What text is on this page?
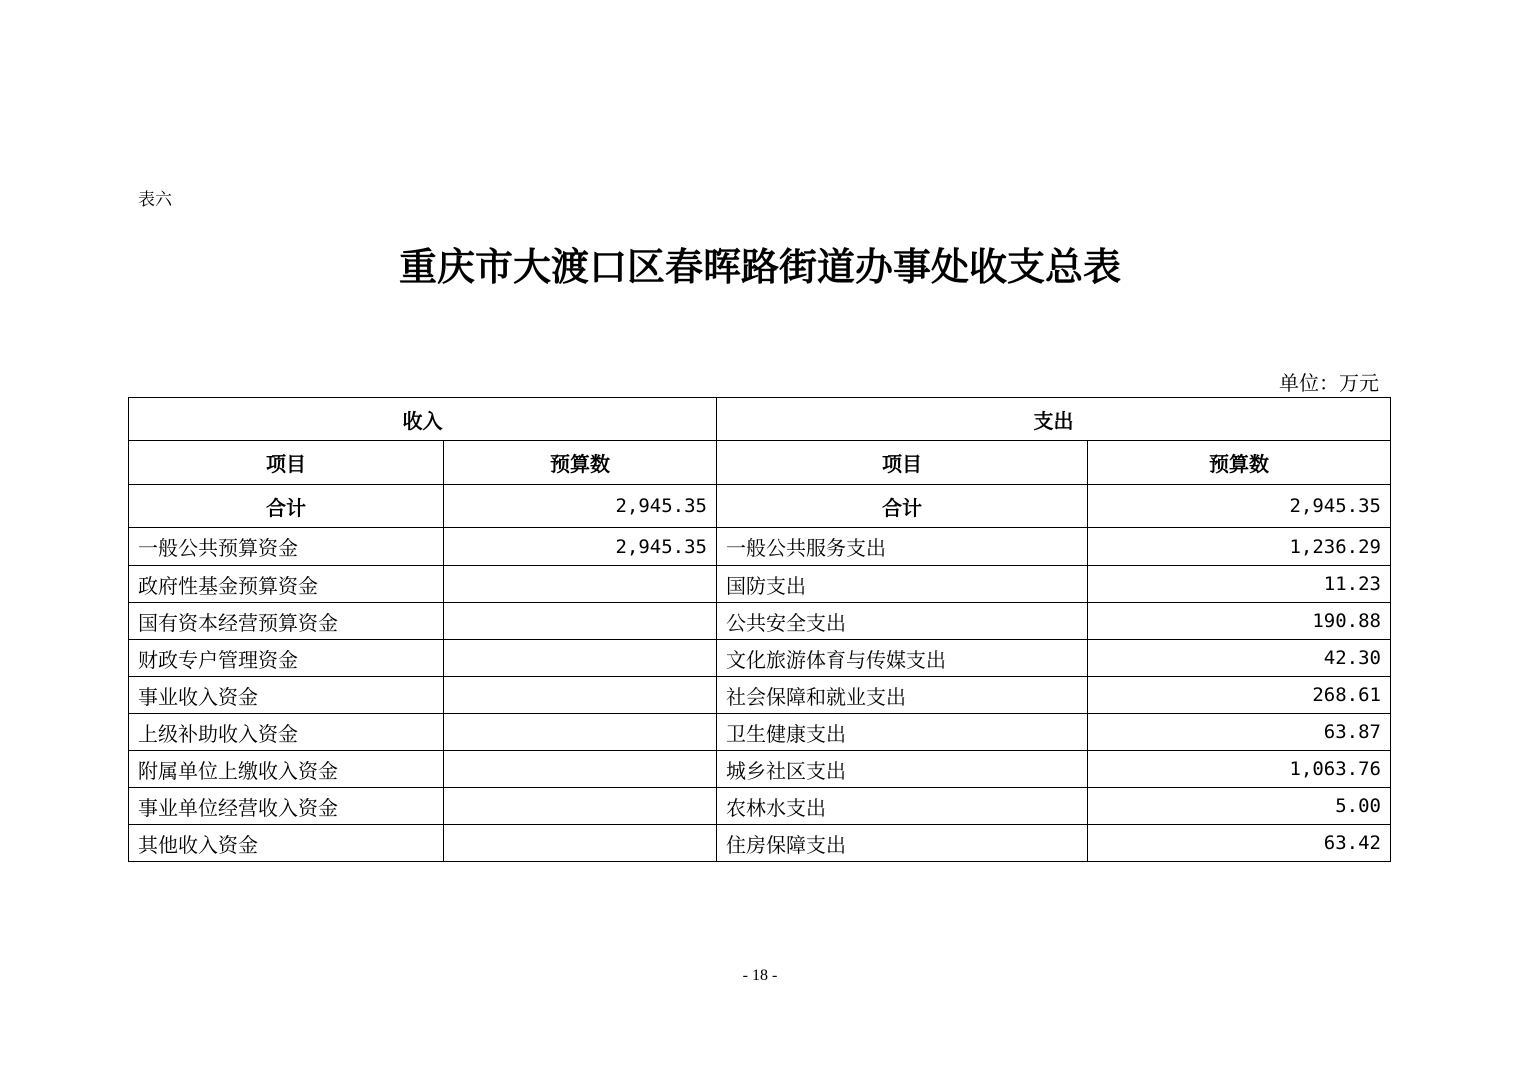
表六
重庆市大渡口区春晖路街道办事处收支总表
单位：万元
收入		支出	
项目	预算数	项目	预算数
合计	2,945.35	合计	2,945.35
一般公共预算资金	2,945.35	一般公共服务支出	1,236.29
政府性基金预算资金		国防支出	11.23
国有资本经营预算资金		公共安全支出	190.88
财政专户管理资金		文化旅游体育与传媒支出	42.30
事业收入资金		社会保障和就业支出	268.61
上级补助收入资金		卫生健康支出	63.87
附属单位上缴收入资金		城乡社区支出	1,063.76
事业单位经营收入资金		农林水支出	5.00
其他收入资金		住房保障支出	63.42
- 18 -
